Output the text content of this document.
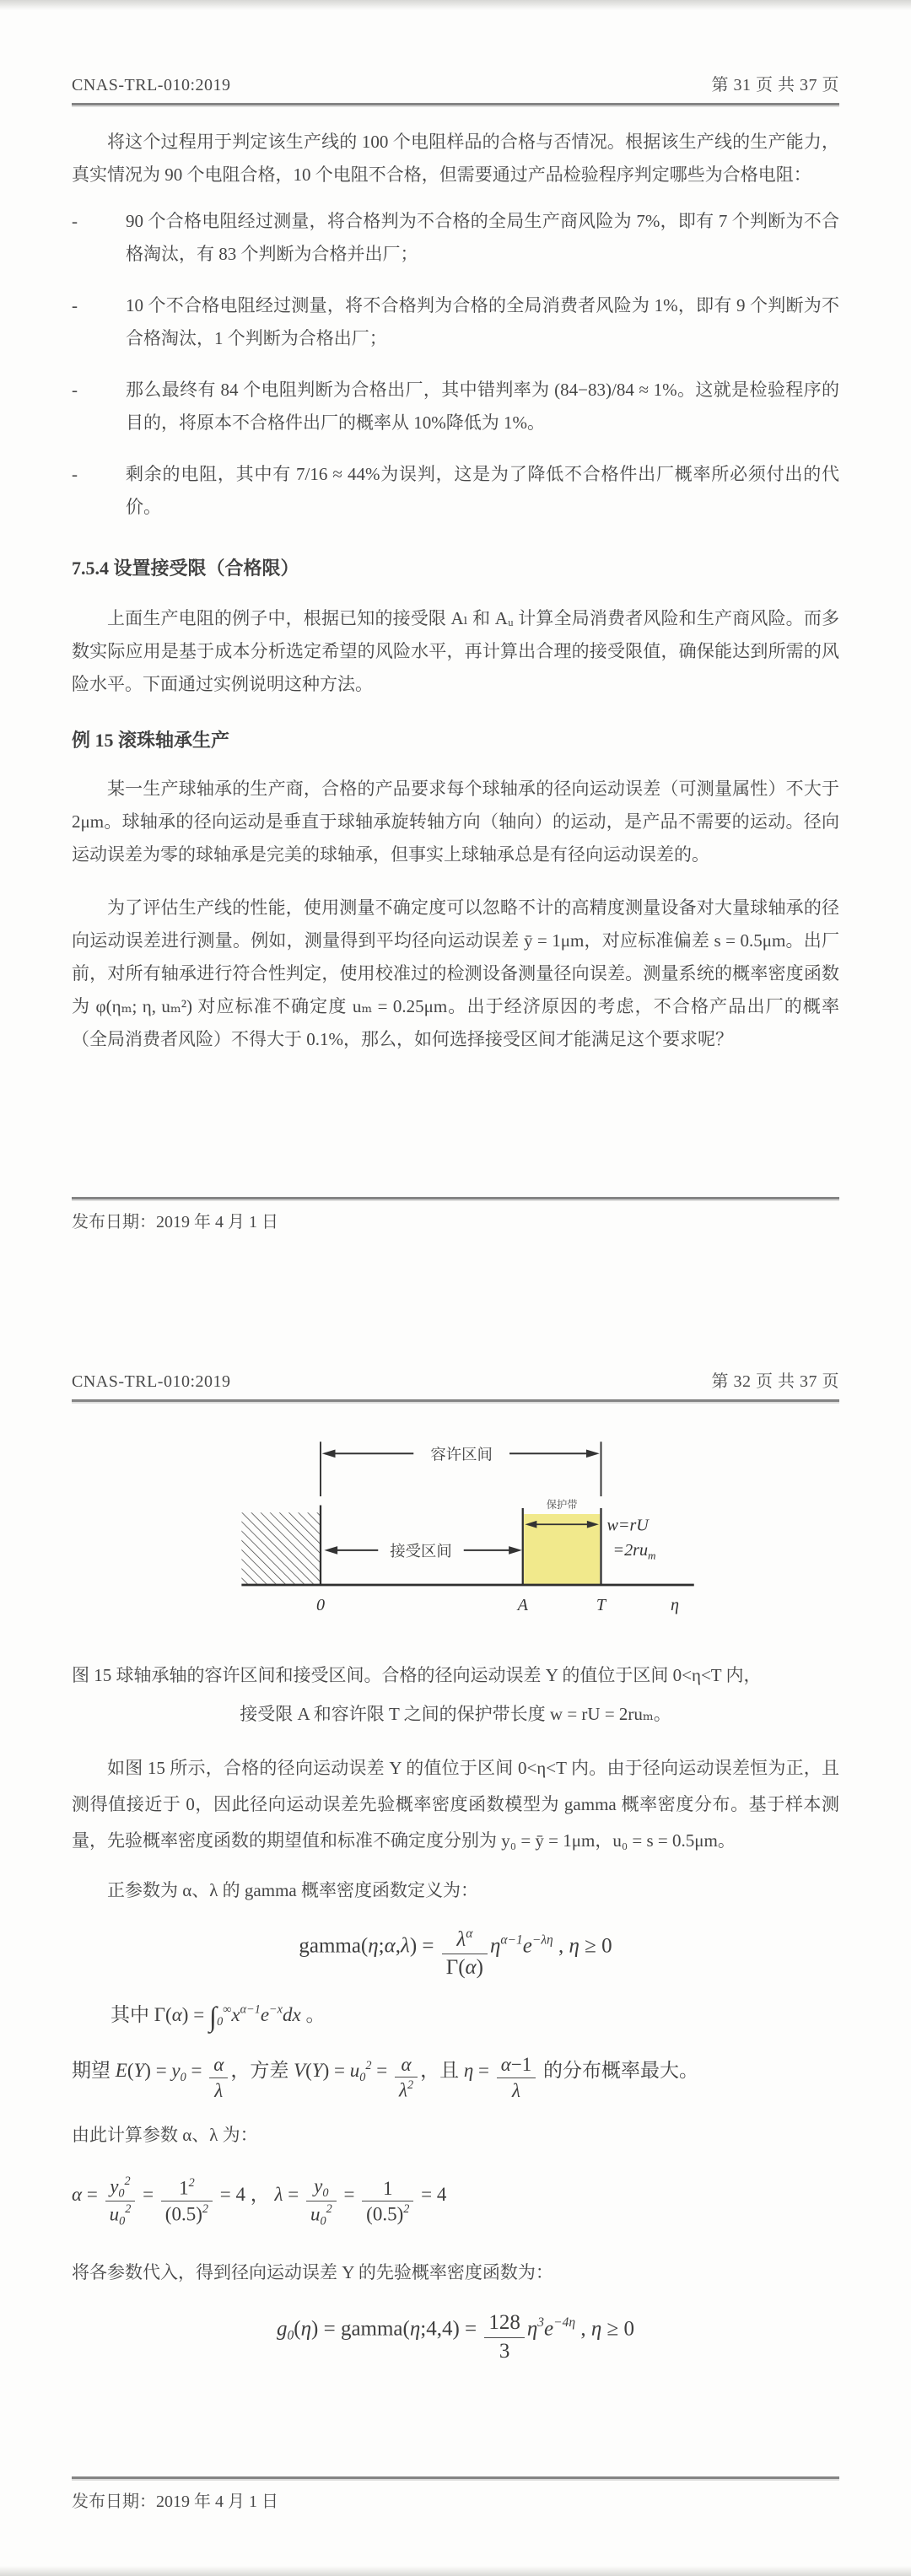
CNAS-TRL-010:2019	第 31 页 共 37 页

将这个过程用于判定该生产线的 100 个电阻样品的合格与否情况。根据该生产线的生产能力，真实情况为 90 个电阻合格，10 个电阻不合格，但需要通过产品检验程序判定哪些为合格电阻：

-	90 个合格电阻经过测量，将合格判为不合格的全局生产商风险为 7%，即有 7 个判断为不合格淘汰，有 83 个判断为合格并出厂；
-	10 个不合格电阻经过测量，将不合格判为合格的全局消费者风险为 1%，即有 9 个判断为不合格淘汰，1 个判断为合格出厂；
-	那么最终有 84 个电阻判断为合格出厂，其中错判率为 (84−83)/84 ≈ 1%。这就是检验程序的目的，将原本不合格件出厂的概率从 10%降低为 1%。
-	剩余的电阻，其中有 7/16 ≈ 44%为误判，这是为了降低不合格件出厂概率所必须付出的代价。
7.5.4 设置接受限（合格限）

上面生产电阻的例子中，根据已知的接受限 Aₗ 和 Aᵤ 计算全局消费者风险和生产商风险。而多数实际应用是基于成本分析选定希望的风险水平，再计算出合理的接受限值，确保能达到所需的风险水平。下面通过实例说明这种方法。

例 15 滚珠轴承生产

某一生产球轴承的生产商，合格的产品要求每个球轴承的径向运动误差（可测量属性）不大于 2μm。球轴承的径向运动是垂直于球轴承旋转轴方向（轴向）的运动，是产品不需要的运动。径向运动误差为零的球轴承是完美的球轴承，但事实上球轴承总是有径向运动误差的。

为了评估生产线的性能，使用测量不确定度可以忽略不计的高精度测量设备对大量球轴承的径向运动误差进行测量。例如，测量得到平均径向运动误差 ȳ = 1μm，对应标准偏差 s = 0.5μm。出厂前，对所有轴承进行符合性判定，使用校准过的检测设备测量径向误差。测量系统的概率密度函数为 φ(ηₘ; η, uₘ²) 对应标准不确定度 uₘ = 0.25μm。出于经济原因的考虑，不合格产品出厂的概率（全局消费者风险）不得大于 0.1%，那么，如何选择接受区间才能满足这个要求呢？

发布日期：2019 年 4 月 1 日
CNAS-TRL-010:2019	第 32 页 共 37 页
容许区间
保护带
w=rU
$=2ru_m$
接受区间
0	A	T	η
图 15 球轴承轴的容许区间和接受区间。合格的径向运动误差 Y 的值位于区间 0<η<T 内，
接受限 A 和容许限 T 之间的保护带长度 w = rU = 2ruₘ。

如图 15 所示，合格的径向运动误差 Y 的值位于区间 0<η<T 内。由于径向运动误差恒为正，且测得值接近于 0，因此径向运动误差先验概率密度函数模型为 gamma 概率密度分布。基于样本测量，先验概率密度函数的期望值和标准不确定度分别为 y₀ = ȳ = 1μm，u₀ = s = 0.5μm。

正参数为 α、λ 的 gamma 概率密度函数定义为：

gamma(η;α,λ) = $\frac{\lambda^\alpha}{\Gamma(\alpha)} \eta^{\alpha-1}e^{-\lambda\eta}$ , η ≥ 0
其中 $\Gamma(\alpha) = \int_0^\infty x^{\alpha-1}e^{-x}dx$ 。
期望 $E(Y) = y_0 = \frac{\alpha}{\lambda}$ ，方差 $V(Y) = u_0^2 = \frac{\alpha}{\lambda^2}$ ，且 $\eta = \frac{\alpha-1}{\lambda}$ 的分布概率最大。

由此计算参数 α、λ 为：

$\alpha = \frac{y_0^2}{u_0^2} = \frac{1^2}{(0.5)^2} = 4$ ， $\lambda = \frac{y_0}{u_0^2} = \frac{1}{(0.5)^2} = 4$

将各参数代入，得到径向运动误差 Y 的先验概率密度函数为：

$g_0(\eta)$ = gamma(η;4,4) = $\frac{128}{3} \eta^3e^{-4\eta}$ , η ≥ 0
发布日期：2019 年 4 月 1 日
